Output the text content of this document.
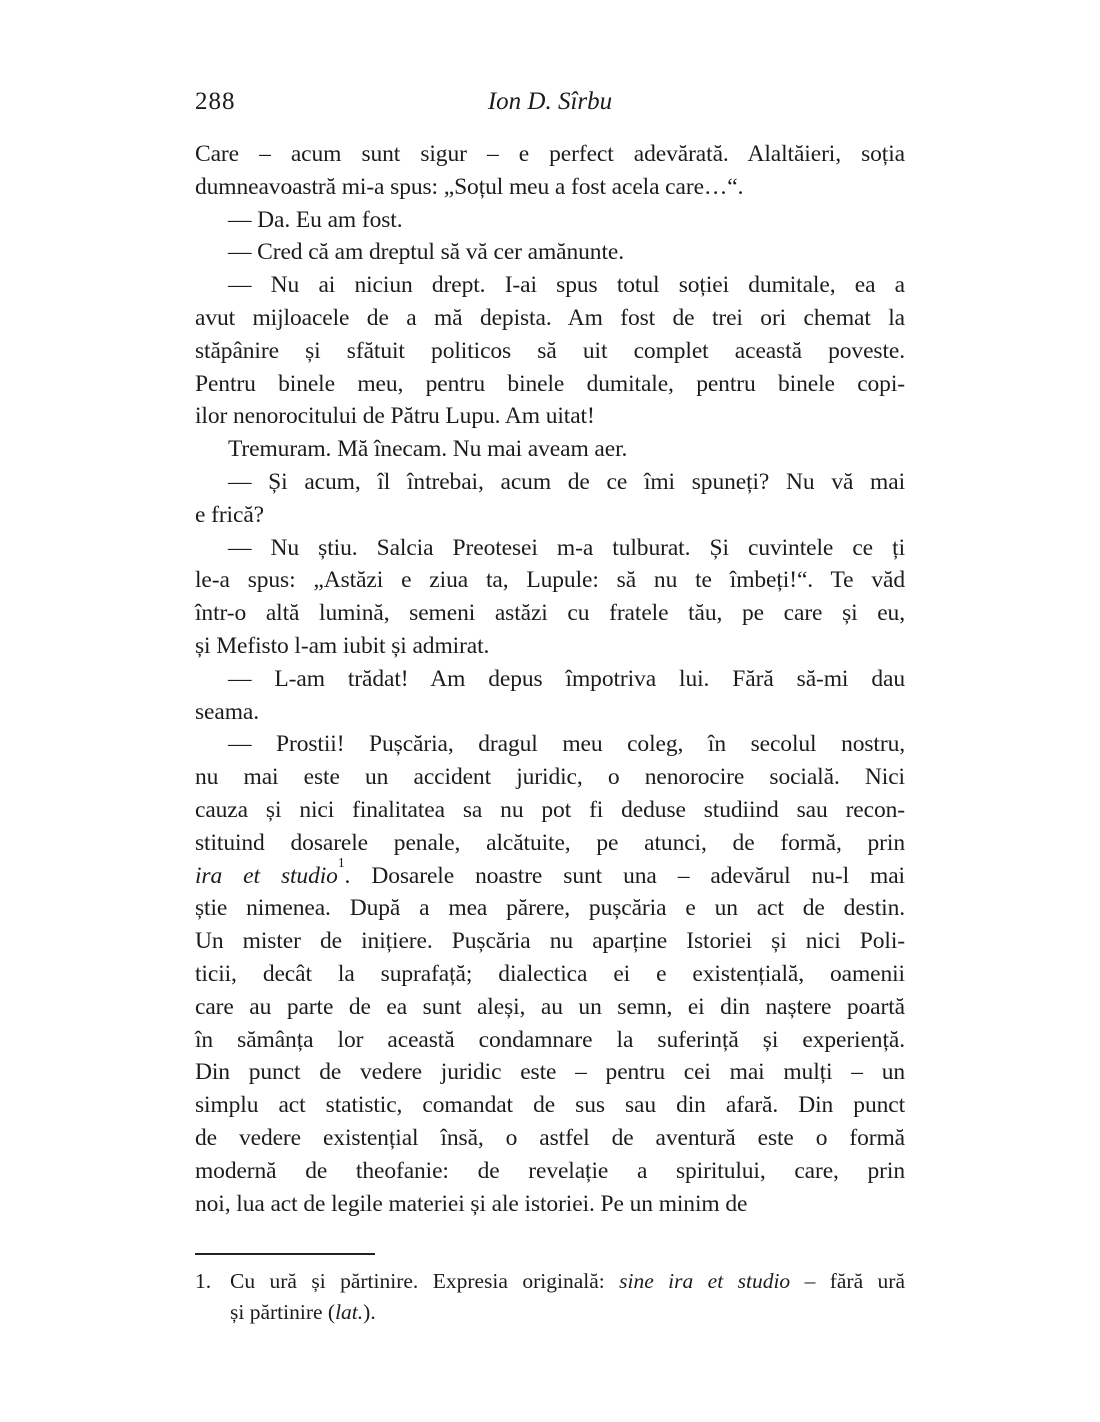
288	Ion D. Sîrbu
Care – acum sunt sigur – e perfect adevărată. Alaltăieri, soția
dumneavoastră mi-a spus: „Soțul meu a fost acela care…“.
— Da. Eu am fost.
— Cred că am dreptul să vă cer amănunte.
— Nu ai niciun drept. I-ai spus totul soției dumitale, ea a
avut mijloacele de a mă depista. Am fost de trei ori chemat la
stăpânire și sfătuit politicos să uit complet această poveste.
Pentru binele meu, pentru binele dumitale, pentru binele copi-
ilor nenorocitului de Pătru Lupu. Am uitat!
Tremuram. Mă înecam. Nu mai aveam aer.
— Și acum, îl întrebai, acum de ce îmi spuneți? Nu vă mai
e frică?
— Nu știu. Salcia Preotesei m-a tulburat. Și cuvintele ce ți
le-a spus: „Astăzi e ziua ta, Lupule: să nu te îmbeți!“. Te văd
într-o altă lumină, semeni astăzi cu fratele tău, pe care și eu,
și Mefisto l-am iubit și admirat.
— L-am trădat! Am depus împotriva lui. Fără să-mi dau
seama.
— Prostii! Pușcăria, dragul meu coleg, în secolul nostru,
nu mai este un accident juridic, o nenorocire socială. Nici
cauza și nici finalitatea sa nu pot fi deduse studiind sau recon-
stituind dosarele penale, alcătuite, pe atunci, de formă, prin
ira et studio$^1$. Dosarele noastre sunt una – adevărul nu-l mai
știe nimenea. După a mea părere, pușcăria e un act de destin.
Un mister de inițiere. Pușcăria nu aparține Istoriei și nici Poli-
ticii, decât la suprafață; dialectica ei e existențială, oamenii
care au parte de ea sunt aleși, au un semn, ei din naștere poartă
în sămânța lor această condamnare la suferință și experiență.
Din punct de vedere juridic este – pentru cei mai mulți – un
simplu act statistic, comandat de sus sau din afară. Din punct
de vedere existențial însă, o astfel de aventură este o formă
modernă de theofanie: de revelație a spiritului, care, prin
noi, lua act de legile materiei și ale istoriei. Pe un minim de
1. Cu ură și părtinire. Expresia originală: sine ira et studio – fără ură
și părtinire (lat.).
